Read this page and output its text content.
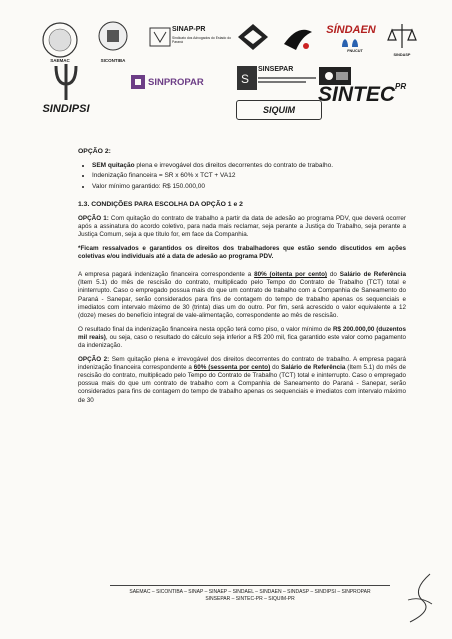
SAEMAC	SICONTIBA
SINAP-PR
Sindicato dos Advogados do Estado do Paraná
SÍNDAEN
FNUCUT
SINDASP
SINDIPSI
SINPROPAR	S
SINSEPAR
SINTEC PR
SIQUIM

OPÇÃO 2:

• SEM quitação plena e irrevogável dos direitos decorrentes do contrato de trabalho.
• Indenização financeira = SR x 60% x TCT + VA12
• Valor mínimo garantido: R$ 150.000,00

1.3. CONDIÇÕES PARA ESCOLHA DA OPÇÃO 1 e 2

OPÇÃO 1: Com quitação do contrato de trabalho a partir da data de adesão ao programa PDV, que deverá ocorrer após a assinatura do acordo coletivo, para nada mais reclamar, seja perante a Justiça do Trabalho, seja perante a Justiça Comum, seja a que título for, em face da Companhia.

*Ficam ressalvados e garantidos os direitos dos trabalhadores que estão sendo discutidos em ações coletivas e/ou individuais até a data de adesão ao programa PDV.

A empresa pagará indenização financeira correspondente a 80% (oitenta por cento) do Salário de Referência (Item 5.1) do mês de rescisão do contrato, multiplicado pelo Tempo do Contrato de Trabalho (TCT) total e ininterrupto. Caso o empregado possua mais do que um contrato de trabalho com a Companhia de Saneamento do Paraná - Sanepar, serão considerados para fins de contagem do tempo de trabalho apenas os sequenciais e imediatos com intervalo máximo de 30 (trinta) dias um do outro. Por fim, será acrescido o valor equivalente a 12 (doze) meses do benefício integral de vale-alimentação, correspondente ao mês de rescisão.

O resultado final da indenização financeira nesta opção terá como piso, o valor mínimo de R$ 200.000,00 (duzentos mil reais), ou seja, caso o resultado do cálculo seja inferior a R$ 200 mil, fica garantido este valor como pagamento da indenização.

OPÇÃO 2: Sem quitação plena e irrevogável dos direitos decorrentes do contrato de trabalho. A empresa pagará indenização financeira correspondente a 60% (sessenta por cento) do Salário de Referência (Item 5.1) do mês de rescisão do contrato, multiplicado pelo Tempo do Contrato de Trabalho (TCT) total e ininterrupto. Caso o empregado possua mais do que um contrato de trabalho com a Companhia de Saneamento do Paraná - Sanepar, serão considerados para fins de contagem do tempo de trabalho apenas os sequenciais e imediatos com intervalo máximo de 30

SAEMAC – SICONTIBA – SINAP – SINAEP – SINDAEL – SINDAEN – SINDASP – SINDIPSI – SINPROPAR
SINSEPAR – SINTEC-PR – SIQUIM-PR
